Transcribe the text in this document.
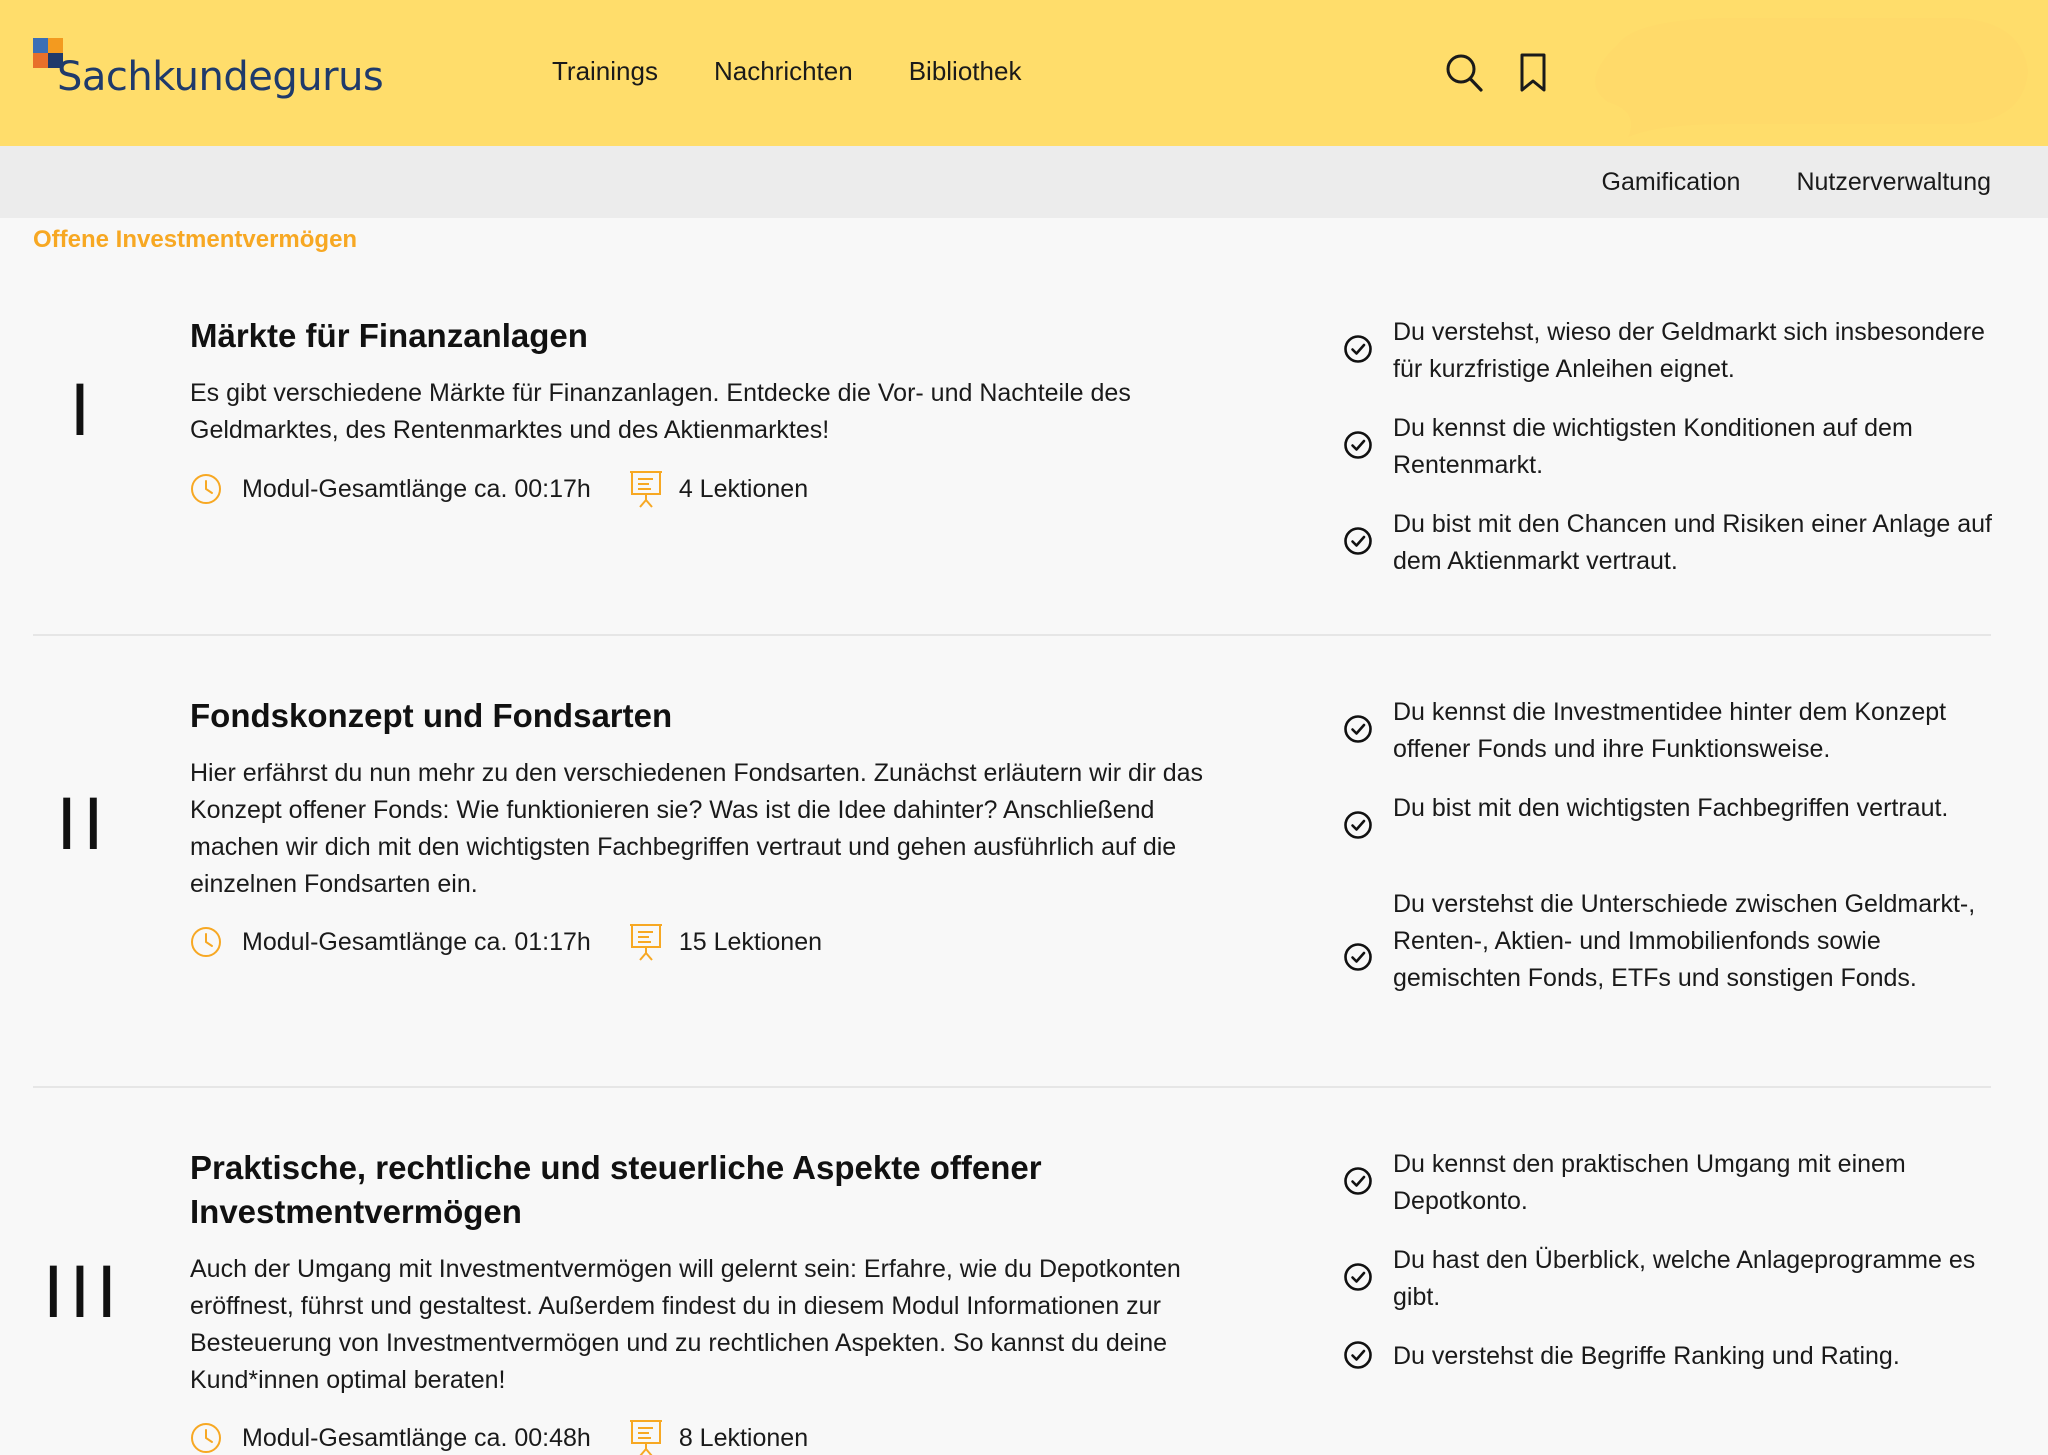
Sachkundegurus	Trainings Nachrichten Bibliothek
Gamification Nutzerverwaltung
Offene Investmentvermögen
I
Märkte für Finanzanlagen
Es gibt verschiedene Märkte für Finanzanlagen. Entdecke die Vor- und Nachteile des Geldmarktes, des Rentenmarktes und des Aktienmarktes!
Modul-Gesamtlänge ca. 00:17h	4 Lektionen
Du verstehst, wieso der Geldmarkt sich insbesondere für kurzfristige Anleihen eignet.
Du kennst die wichtigsten Konditionen auf dem Rentenmarkt.
Du bist mit den Chancen und Risiken einer Anlage auf dem Aktienmarkt vertraut.
II
Fondskonzept und Fondsarten
Hier erfährst du nun mehr zu den verschiedenen Fondsarten. Zunächst erläutern wir dir das Konzept offener Fonds: Wie funktionieren sie? Was ist die Idee dahinter? Anschließend machen wir dich mit den wichtigsten Fachbegriffen vertraut und gehen ausführlich auf die einzelnen Fondsarten ein.
Modul-Gesamtlänge ca. 01:17h	15 Lektionen
Du kennst die Investmentidee hinter dem Konzept offener Fonds und ihre Funktionsweise.
Du bist mit den wichtigsten Fachbegriffen vertraut.
Du verstehst die Unterschiede zwischen Geldmarkt-, Renten-, Aktien- und Immobilienfonds sowie gemischten Fonds, ETFs und sonstigen Fonds.
III
Praktische, rechtliche und steuerliche Aspekte offener Investmentvermögen
Auch der Umgang mit Investmentvermögen will gelernt sein: Erfahre, wie du Depotkonten eröffnest, führst und gestaltest. Außerdem findest du in diesem Modul Informationen zur Besteuerung von Investmentvermögen und zu rechtlichen Aspekten. So kannst du deine Kund*innen optimal beraten!
Modul-Gesamtlänge ca. 00:48h	8 Lektionen
Du kennst den praktischen Umgang mit einem Depotkonto.
Du hast den Überblick, welche Anlageprogramme es gibt.
Du verstehst die Begriffe Ranking und Rating.
